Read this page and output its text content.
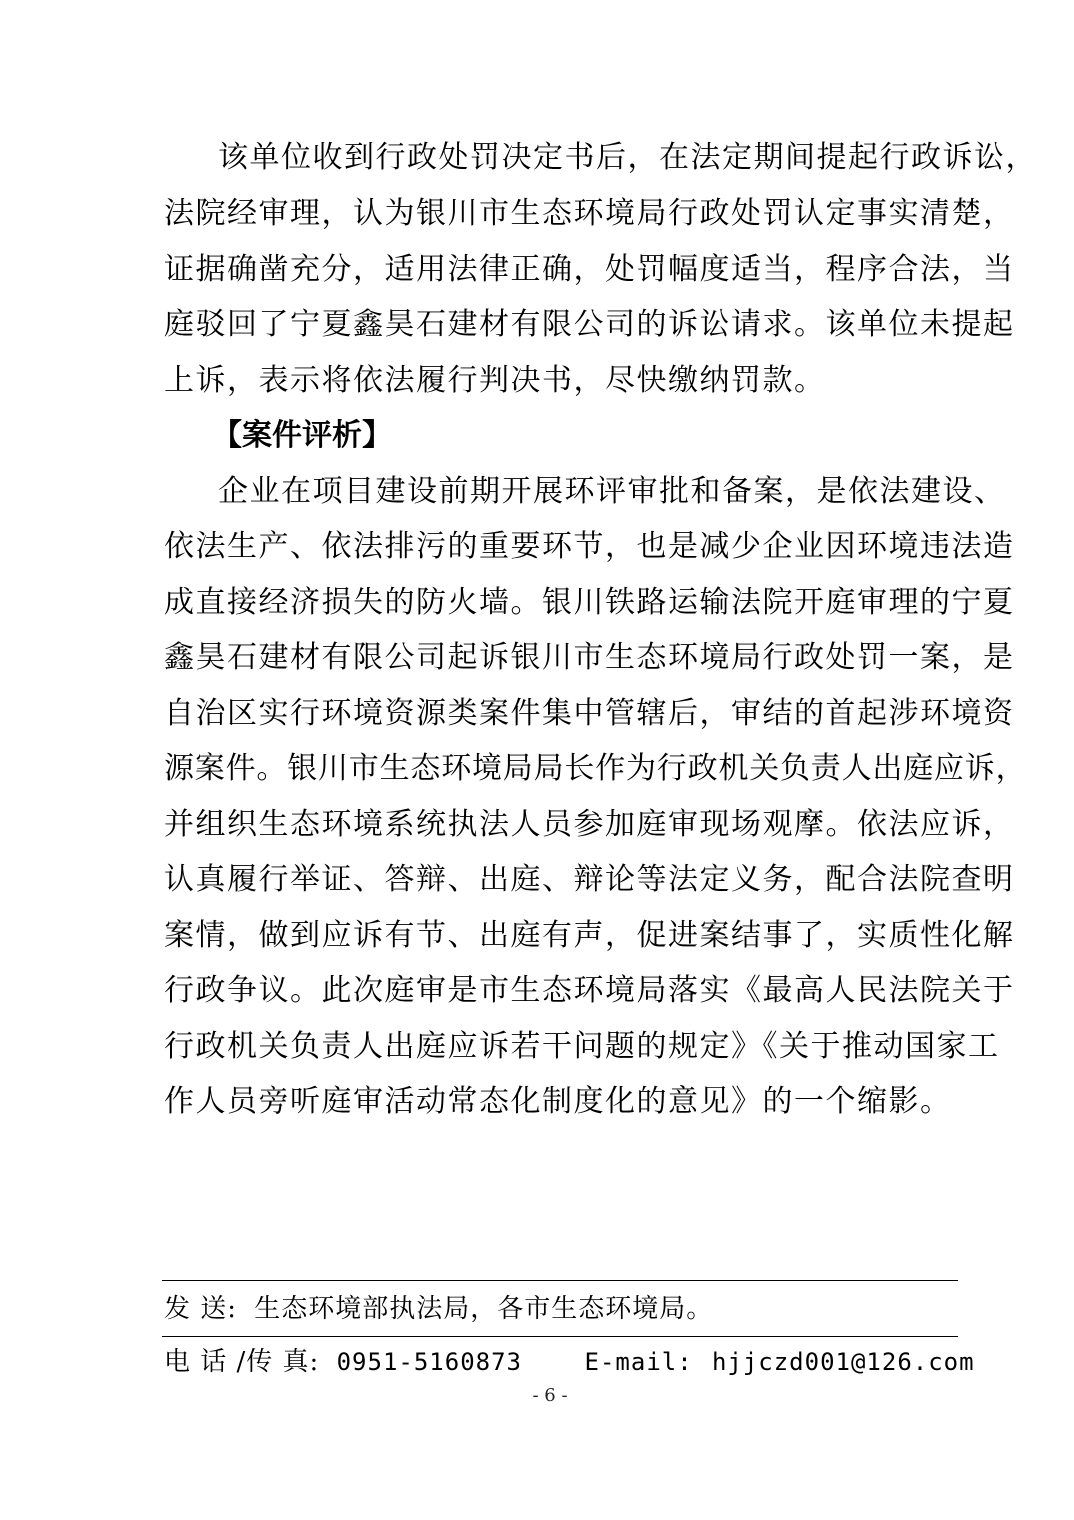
该单位收到行政处罚决定书后，在法定期间提起行政诉讼，
法院经审理，认为银川市生态环境局行政处罚认定事实清楚，
证据确凿充分，适用法律正确，处罚幅度适当，程序合法，当
庭驳回了宁夏鑫昊石建材有限公司的诉讼请求。该单位未提起
上诉，表示将依法履行判决书，尽快缴纳罚款。
【案件评析】
企业在项目建设前期开展环评审批和备案，是依法建设、
依法生产、依法排污的重要环节，也是减少企业因环境违法造
成直接经济损失的防火墙。银川铁路运输法院开庭审理的宁夏
鑫昊石建材有限公司起诉银川市生态环境局行政处罚一案，是
自治区实行环境资源类案件集中管辖后，审结的首起涉环境资
源案件。银川市生态环境局局长作为行政机关负责人出庭应诉，
并组织生态环境系统执法人员参加庭审现场观摩。依法应诉，
认真履行举证、答辩、出庭、辩论等法定义务，配合法院查明
案情，做到应诉有节、出庭有声，促进案结事了，实质性化解
行政争议。此次庭审是市生态环境局落实《最高人民法院关于
行政机关负责人出庭应诉若干问题的规定》《关于推动国家工
作人员旁听庭审活动常态化制度化的意见》的一个缩影。
发 送: 生态环境部执法局，各市生态环境局。
电 话 /传 真: 0951-5160873	E-mail: hjjczd001@126.com
- 6 -
